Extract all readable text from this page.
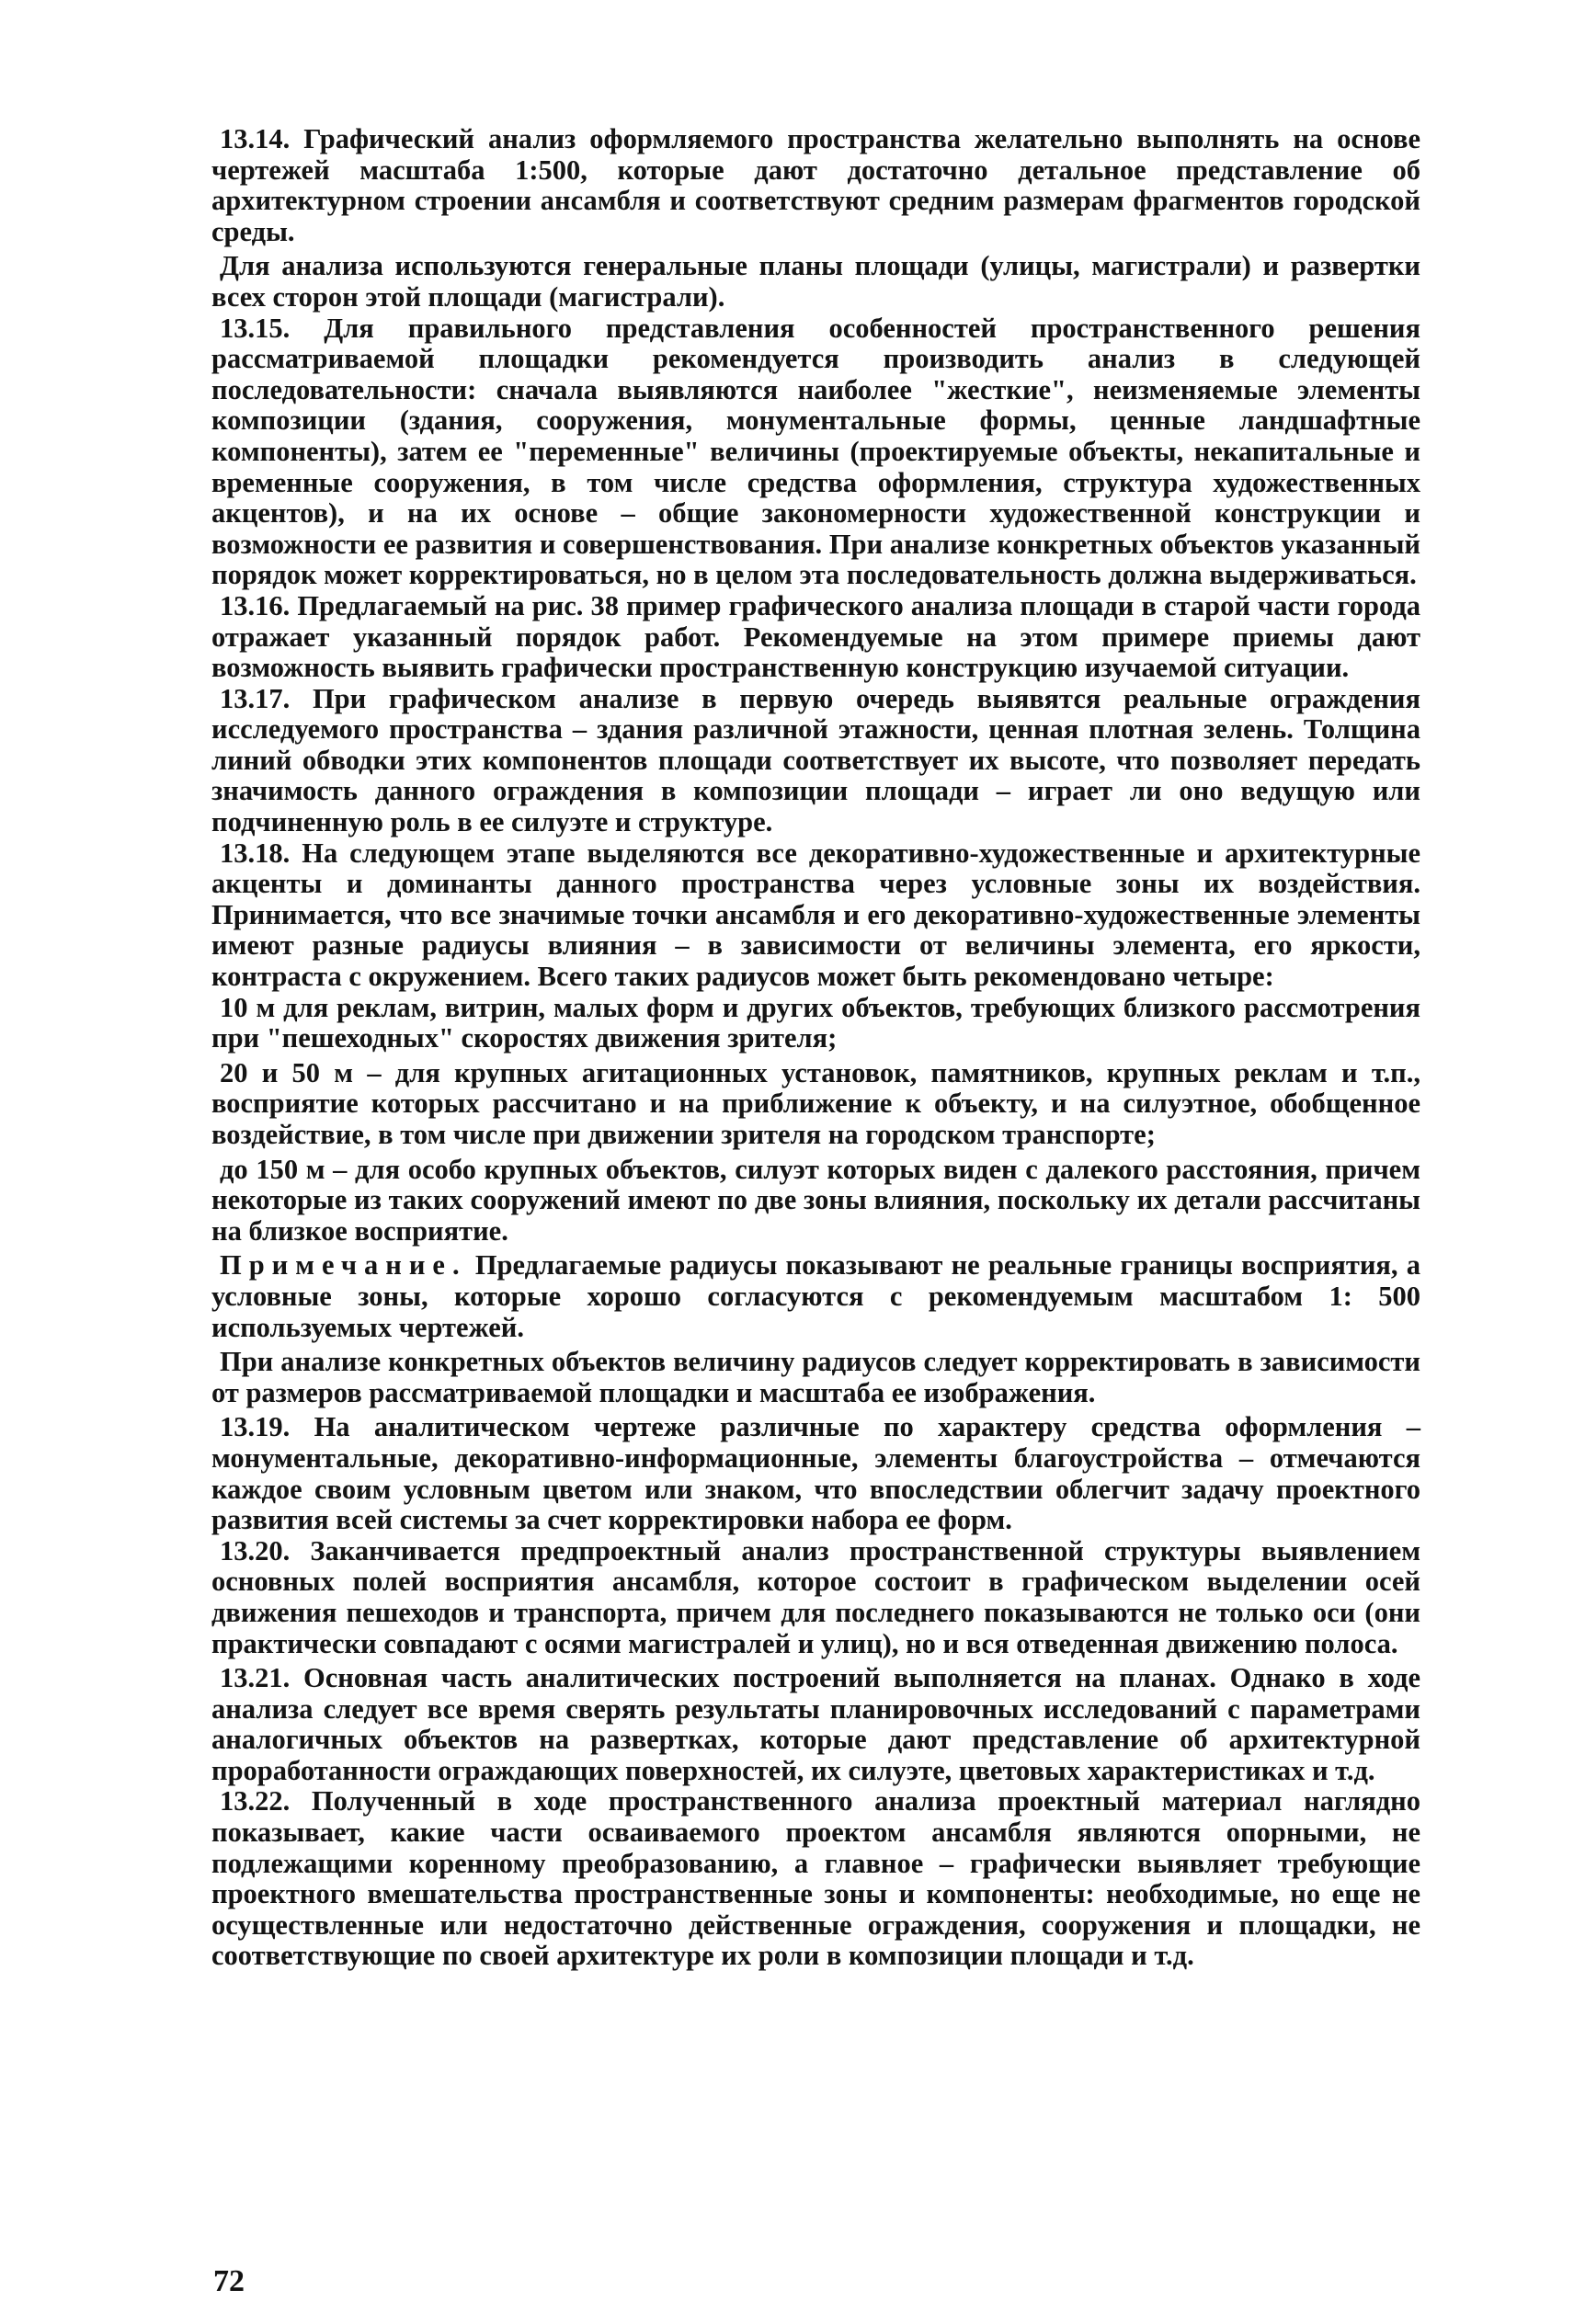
13.14. Графический анализ оформляемого пространства желательно выполнять на основе чертежей масштаба 1:500, которые дают достаточно детальное представление об архитектурном строении ансамбля и соответствуют средним размерам фрагментов городской среды.

Для анализа используются генеральные планы площади (улицы, магистрали) и развертки всех сторон этой площади (магистрали).

13.15. Для правильного представления особенностей пространственного решения рассматриваемой площадки рекомендуется производить анализ в следующей последовательности: сначала выявляются наиболее "жесткие", неизменяемые элементы композиции (здания, сооружения, монументальные формы, ценные ландшафтные компоненты), затем ее "переменные" величины (проектируемые объекты, некапитальные и временные сооружения, в том числе средства оформления, структура художественных акцентов), и на их основе – общие закономерности художественной конструкции и возможности ее развития и совершенствования. При анализе конкретных объектов указанный порядок может корректироваться, но в целом эта последовательность должна выдерживаться.

13.16. Предлагаемый на рис. 38 пример графического анализа площади в старой части города отражает указанный порядок работ. Рекомендуемые на этом примере приемы дают возможность выявить графически пространственную конструкцию изучаемой ситуации.

13.17. При графическом анализе в первую очередь выявятся реальные ограждения исследуемого пространства – здания различной этажности, ценная плотная зелень. Толщина линий обводки этих компонентов площади соответствует их высоте, что позволяет передать значимость данного ограждения в композиции площади – играет ли оно ведущую или подчиненную роль в ее силуэте и структуре.

13.18. На следующем этапе выделяются все декоративно-художественные и архитектурные акценты и доминанты данного пространства через условные зоны их воздействия. Принимается, что все значимые точки ансамбля и его декоративно-художественные элементы имеют разные радиусы влияния – в зависимости от величины элемента, его яркости, контраста с окружением. Всего таких радиусов может быть рекомендовано четыре:

10 м для реклам, витрин, малых форм и других объектов, требующих близкого рассмотрения при "пешеходных" скоростях движения зрителя;

20 и 50 м – для крупных агитационных установок, памятников, крупных реклам и т.п., восприятие которых рассчитано и на приближение к объекту, и на силуэтное, обобщенное воздействие, в том числе при движении зрителя на городском транспорте;

до 150 м – для особо крупных объектов, силуэт которых виден с далекого расстояния, причем некоторые из таких сооружений имеют по две зоны влияния, поскольку их детали рассчитаны на близкое восприятие.

Примечание. Предлагаемые радиусы показывают не реальные границы восприятия, а условные зоны, которые хорошо согласуются с рекомендуемым масштабом 1: 500 используемых чертежей.

При анализе конкретных объектов величину радиусов следует корректировать в зависимости от размеров рассматриваемой площадки и масштаба ее изображения.

13.19. На аналитическом чертеже различные по характеру средства оформления – монументальные, декоративно-информационные, элементы благоустройства – отмечаются каждое своим условным цветом или знаком, что впоследствии облегчит задачу проектного развития всей системы за счет корректировки набора ее форм.

13.20. Заканчивается предпроектный анализ пространственной структуры выявлением основных полей восприятия ансамбля, которое состоит в графическом выделении осей движения пешеходов и транспорта, причем для последнего показываются не только оси (они практически совпадают с осями магистралей и улиц), но и вся отведенная движению полоса.

13.21. Основная часть аналитических построений выполняется на планах. Однако в ходе анализа следует все время сверять результаты планировочных исследований с параметрами аналогичных объектов на развертках, которые дают представление об архитектурной проработанности ограждающих поверхностей, их силуэте, цветовых характеристиках и т.д.

13.22. Полученный в ходе пространственного анализа проектный материал наглядно показывает, какие части осваиваемого проектом ансамбля являются опорными, не подлежащими коренному преобразованию, а главное – графически выявляет требующие проектного вмешательства пространственные зоны и компоненты: необходимые, но еще не осуществленные или недостаточно действенные ограждения, сооружения и площадки, не соответствующие по своей архитектуре их роли в композиции площади и т.д.

72
